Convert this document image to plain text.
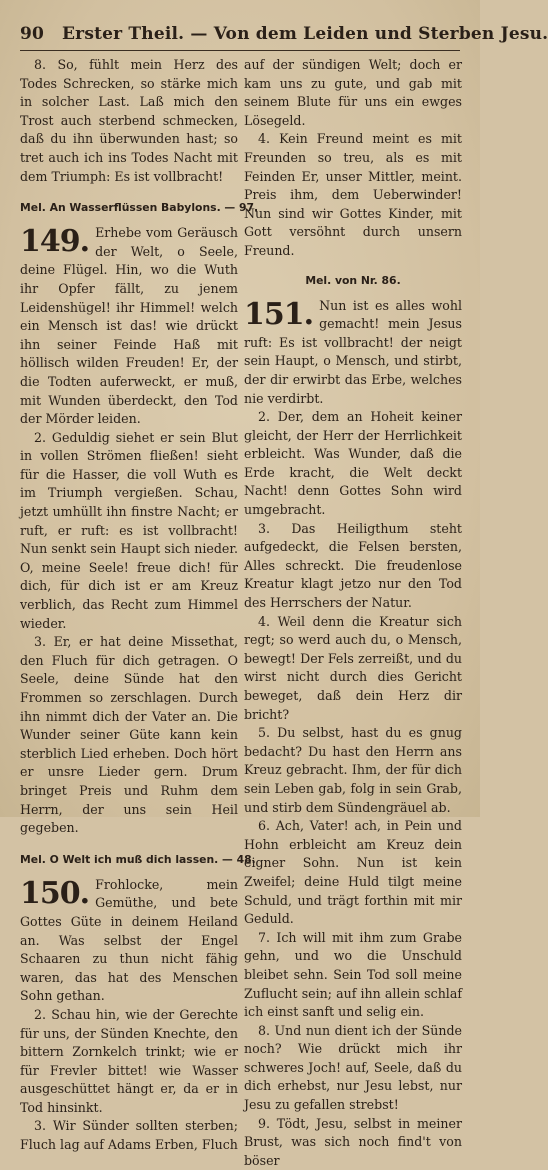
90 Erster Theil. — Von dem Leiden und Sterben Jesu.

8. So, fühlt mein Herz des Todes Schrecken, so stärke mich in solcher Last. Laß mich den Trost auch sterbend schmecken, daß du ihn überwunden hast; so tret auch ich ins Todes Nacht mit dem Triumph: Es ist vollbracht!

Mel. An Wasserflüssen Babylons. — 97.
149. Erhebe vom Geräusch der Welt, o Seele, deine Flügel. Hin, wo die Wuth ihr Opfer fällt, zu jenem Leidenshügel! ihr Himmel! welch ein Mensch ist das! wie drückt ihn seiner Feinde Haß mit höllisch wilden Freuden! Er, der die Todten auferweckt, er muß, mit Wunden überdeckt, den Tod der Mörder leiden.

2. Geduldig siehet er sein Blut in vollen Strömen fließen! sieht für die Hasser, die voll Wuth es im Triumph vergießen. Schau, jetzt umhüllt ihn finstre Nacht; er ruft, er ruft: es ist vollbracht! Nun senkt sein Haupt sich nieder. O, meine Seele! freue dich! für dich, für dich ist er am Kreuz verblich, das Recht zum Himmel wieder.

3. Er, er hat deine Missethat, den Fluch für dich getragen. O Seele, deine Sünde hat den Frommen so zerschlagen. Durch ihn nimmt dich der Vater an. Die Wunder seiner Güte kann kein sterblich Lied erheben. Doch hört er unsre Lieder gern. Drum bringet Preis und Ruhm dem Herrn, der uns sein Heil gegeben.

Mel. O Welt ich muß dich lassen. — 48.
150. Frohlocke, mein Gemüthe, und bete Gottes Güte in deinem Heiland an. Was selbst der Engel Schaaren zu thun nicht fähig waren, das hat des Menschen Sohn gethan.

2. Schau hin, wie der Gerechte für uns, der Sünden Knechte, den bittern Zornkelch trinkt; wie er für Frevler bittet! wie Wasser ausgeschüttet hängt er, da er in Tod hinsinkt.

3. Wir Sünder sollten sterben; Fluch lag auf Adams Erben, Fluch

auf der sündigen Welt; doch er kam uns zu gute, und gab mit seinem Blute für uns ein ewges Lösegeld.

4. Kein Freund meint es mit Freunden so treu, als es mit Feinden Er, unser Mittler, meint. Preis ihm, dem Ueberwinder! Nun sind wir Gottes Kinder, mit Gott versöhnt durch unsern Freund.

Mel. von Nr. 86.
151. Nun ist es alles wohl gemacht! mein Jesus ruft: Es ist vollbracht! der neigt sein Haupt, o Mensch, und stirbt, der dir erwirbt das Erbe, welches nie verdirbt.

2. Der, dem an Hoheit keiner gleicht, der Herr der Herrlichkeit erbleicht. Was Wunder, daß die Erde kracht, die Welt deckt Nacht! denn Gottes Sohn wird umgebracht.

3. Das Heiligthum steht aufgedeckt, die Felsen bersten, Alles schreckt. Die freudenlose Kreatur klagt jetzo nur den Tod des Herrschers der Natur.

4. Weil denn die Kreatur sich regt; so werd auch du, o Mensch, bewegt! Der Fels zerreißt, und du wirst nicht durch dies Gericht beweget, daß dein Herz dir bricht?

5. Du selbst, hast du es gnug bedacht? Du hast den Herrn ans Kreuz gebracht. Ihm, der für dich sein Leben gab, folg in sein Grab, und stirb dem Sündengräuel ab.

6. Ach, Vater! ach, in Pein und Hohn erbleicht am Kreuz dein eigner Sohn. Nun ist kein Zweifel; deine Huld tilgt meine Schuld, und trägt forthin mit mir Geduld.

7. Ich will mit ihm zum Grabe gehn, und wo die Unschuld bleibet sehn. Sein Tod soll meine Zuflucht sein; auf ihn allein schlaf ich einst sanft und selig ein.

8. Und nun dient ich der Sünde noch? Wie drückt mich ihr schweres Joch! auf, Seele, daß du dich erhebst, nur Jesu lebst, nur Jesu zu gefallen strebst!

9. Tödt, Jesu, selbst in meiner Brust, was sich noch find't von böser
